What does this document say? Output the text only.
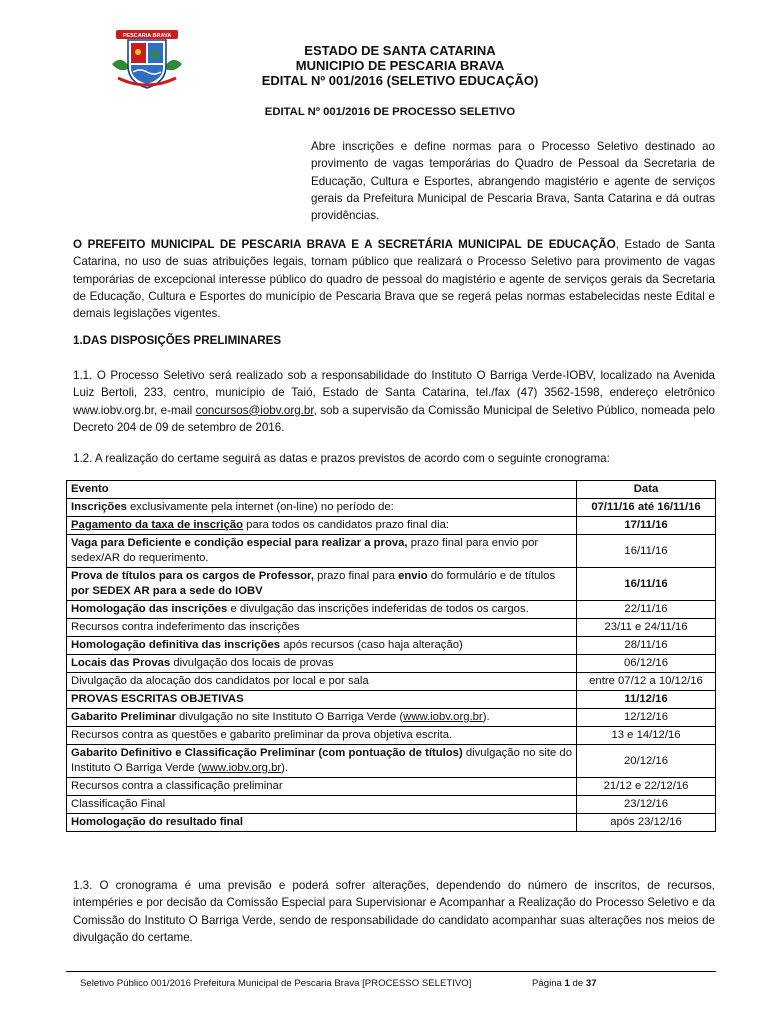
PESCARIA BRAVA
ESTADO DE SANTA CATARINA
MUNICIPIO DE PESCARIA BRAVA
EDITAL Nº 001/2016 (SELETIVO EDUCAÇÃO)
EDITAL Nº 001/2016 DE PROCESSO SELETIVO
Abre inscrições e define normas para o Processo Seletivo destinado ao provimento de vagas temporárias do Quadro de Pessoal da Secretaria de Educação, Cultura e Esportes, abrangendo magistério e agente de serviços gerais da Prefeitura Municipal de Pescaria Brava, Santa Catarina e dá outras providências.
O PREFEITO MUNICIPAL DE PESCARIA BRAVA E A SECRETÁRIA MUNICIPAL DE EDUCAÇÃO, Estado de Santa Catarina, no uso de suas atribuições legais, tornam público que realizará o Processo Seletivo para provimento de vagas temporárias de excepcional interesse público do quadro de pessoal do magistério e agente de serviços gerais da Secretaria de Educação, Cultura e Esportes do município de Pescaria Brava que se regerá pelas normas estabelecidas neste Edital e demais legislações vigentes.
1.DAS DISPOSIÇÕES PRELIMINARES
1.1. O Processo Seletivo será realizado sob a responsabilidade do Instituto O Barriga Verde-IOBV, localizado na Avenida Luiz Bertoli, 233, centro, município de Taió, Estado de Santa Catarina, tel./fax (47) 3562-1598, endereço eletrônico www.iobv.org.br, e-mail concursos@iobv.org.br, sob a supervisão da Comissão Municipal de Seletivo Público, nomeada pelo Decreto 204 de 09 de setembro de 2016.
1.2. A realização do certame seguirá as datas e prazos previstos de acordo com o seguinte cronograma:
Evento	Data
Inscrições exclusivamente pela internet (on-line) no período de:	07/11/16 até 16/11/16
Pagamento da taxa de inscrição para todos os candidatos prazo final dia:	17/11/16
Vaga para Deficiente e condição especial para realizar a prova, prazo final para envio por sedex/AR do requerimento.	16/11/16
Prova de títulos para os cargos de Professor, prazo final para envio do formulário e de títulos por SEDEX AR para a sede do IOBV	16/11/16
Homologação das inscrições e divulgação das inscrições indeferidas de todos os cargos.	22/11/16
Recursos contra indeferimento das inscrições	23/11 e 24/11/16
Homologação definitiva das inscrições após recursos (caso haja alteração)	28/11/16
Locais das Provas divulgação dos locais de provas	06/12/16
Divulgação da alocação dos candidatos por local e por sala	entre 07/12 a 10/12/16
PROVAS ESCRITAS OBJETIVAS	11/12/16
Gabarito Preliminar divulgação no site Instituto O Barriga Verde (www.iobv.org.br).	12/12/16
Recursos contra as questões e gabarito preliminar da prova objetiva escrita.	13 e 14/12/16
Gabarito Definitivo e Classificação Preliminar (com pontuação de títulos) divulgação no site do Instituto O Barriga Verde (www.iobv.org.br).	20/12/16
Recursos contra a classificação preliminar	21/12 e 22/12/16
Classificação Final	23/12/16
Homologação do resultado final	após 23/12/16
1.3. O cronograma é uma previsão e poderá sofrer alterações, dependendo do número de inscritos, de recursos, intempéries e por decisão da Comissão Especial para Supervisionar e Acompanhar a Realização do Processo Seletivo e da Comissão do Instituto O Barriga Verde, sendo de responsabilidade do candidato acompanhar suas alterações nos meios de divulgação do certame.
Seletivo Público 001/2016 Prefeitura Municipal de Pescaria Brava [PROCESSO SELETIVO]	Página 1 de 37
